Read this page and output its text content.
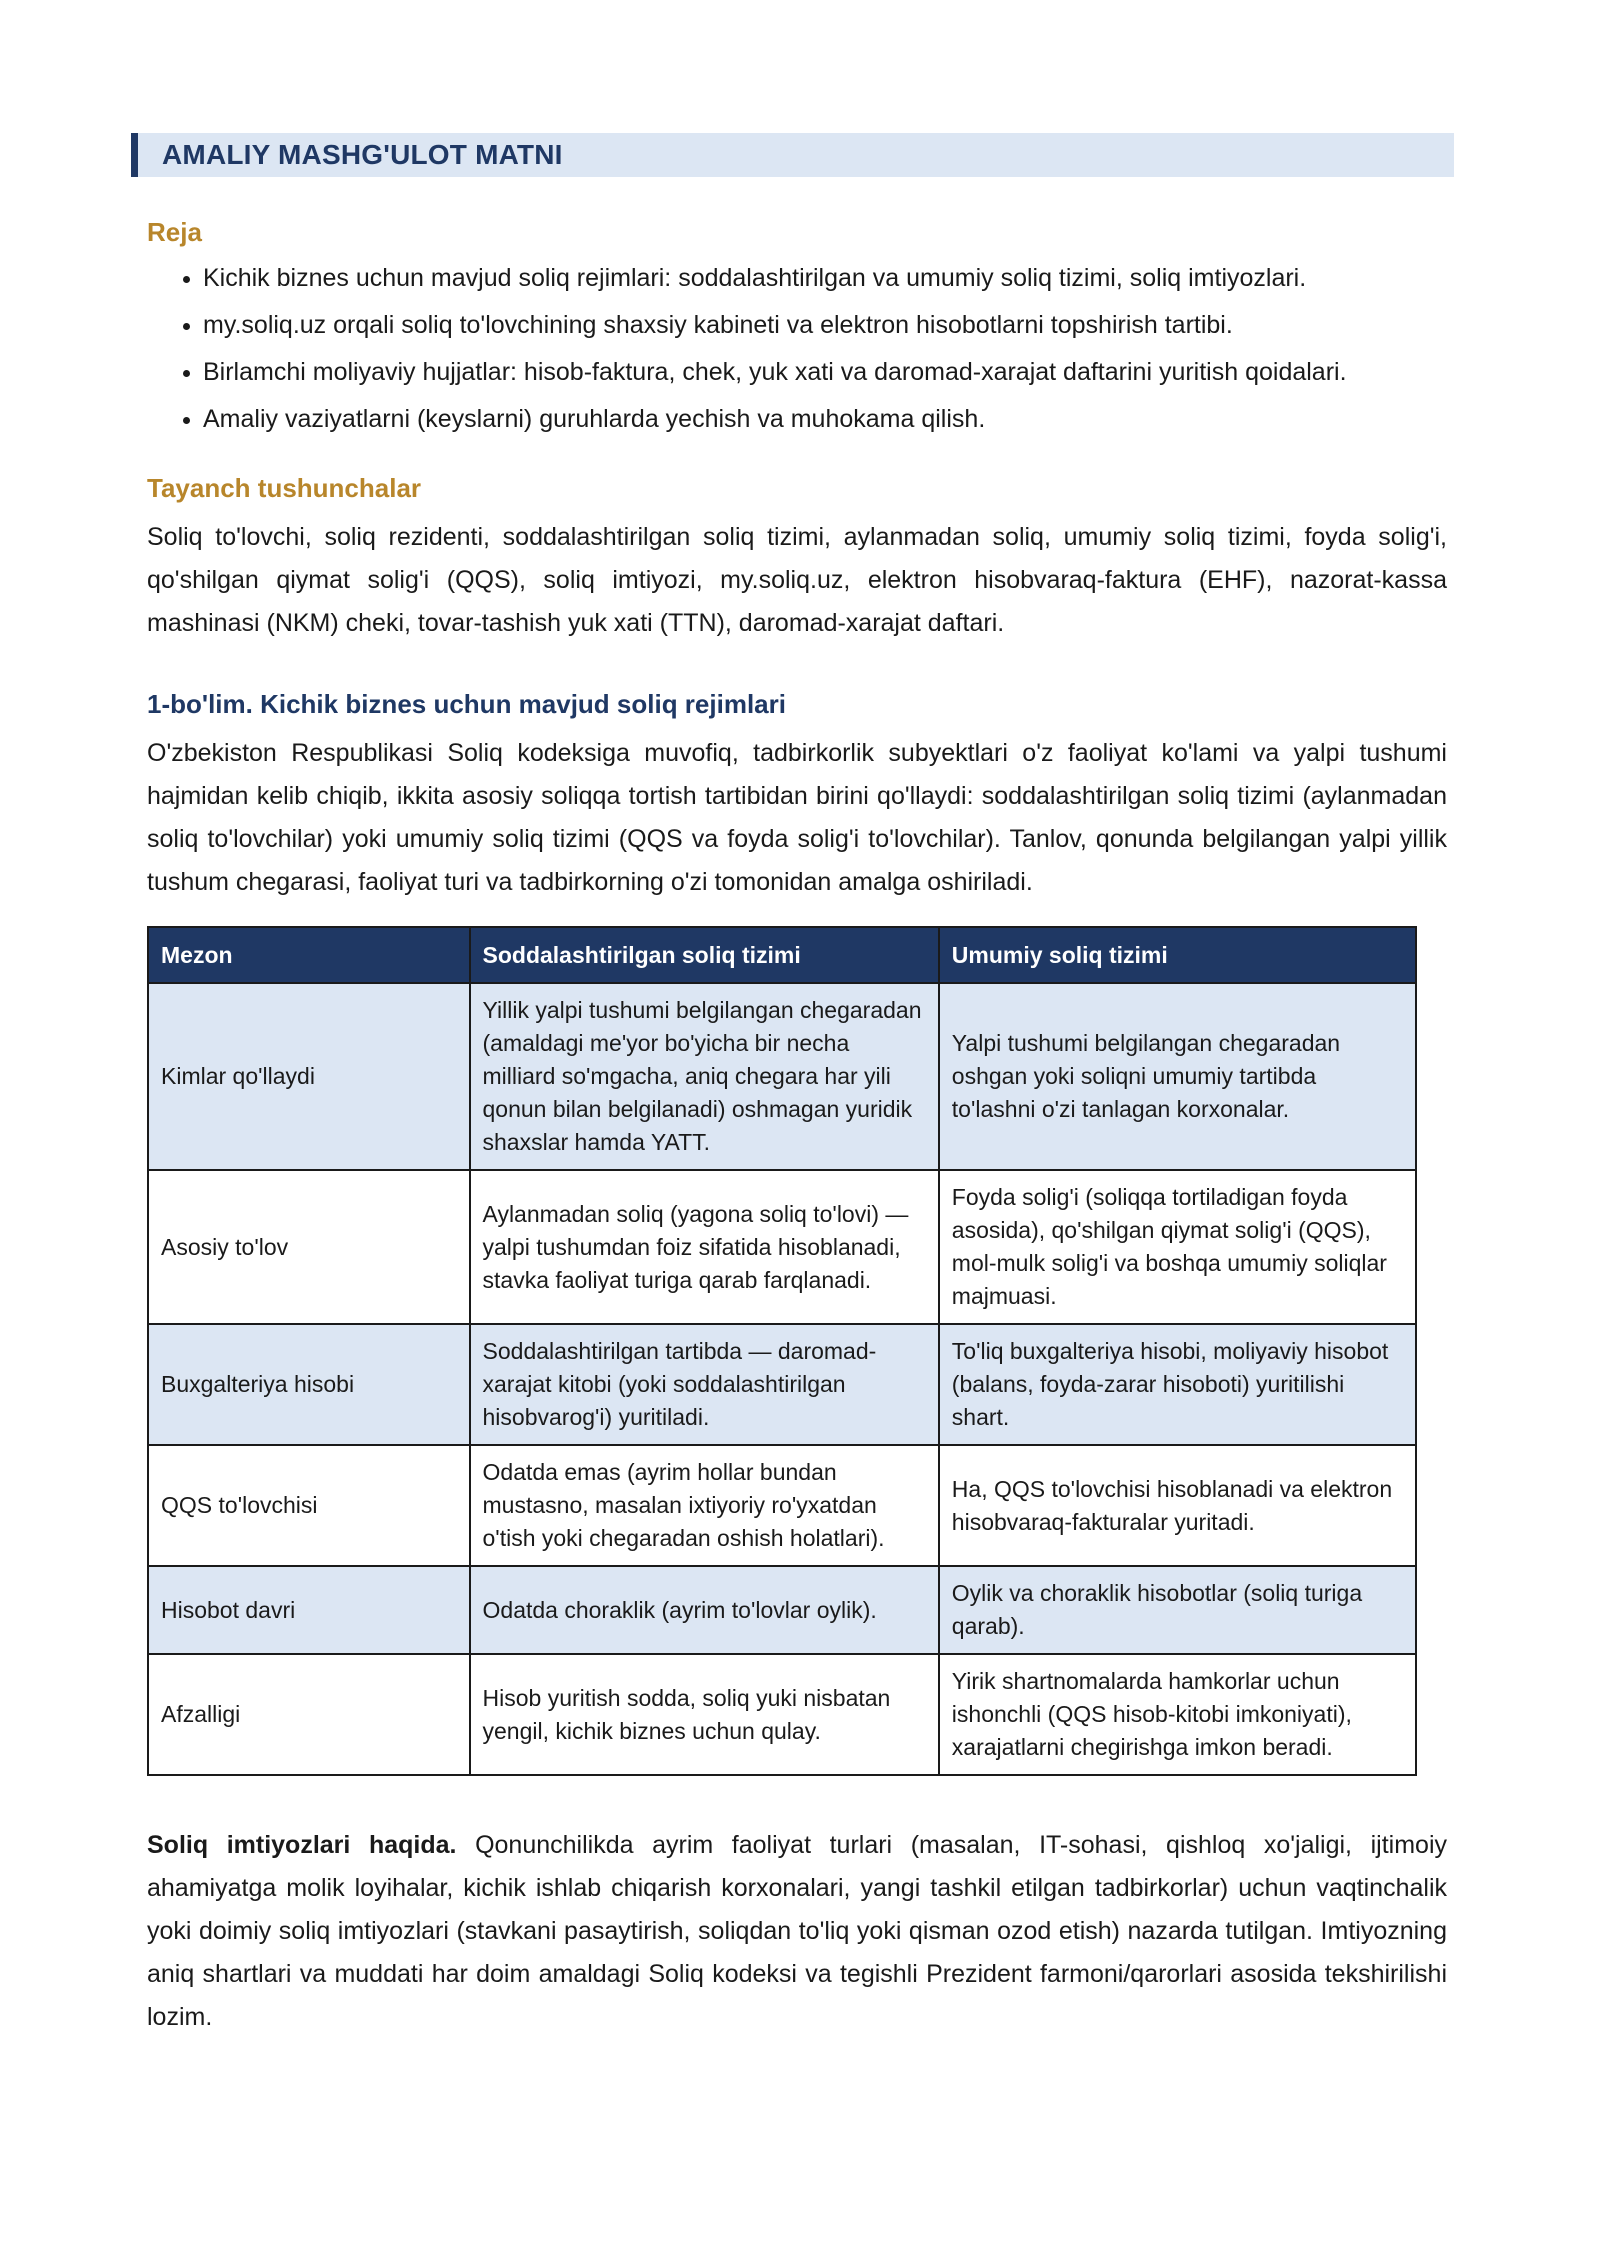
AMALIY MASHG'ULOT MATNI
Reja
• Kichik biznes uchun mavjud soliq rejimlari: soddalashtirilgan va umumiy soliq tizimi, soliq imtiyozlari.
• my.soliq.uz orqali soliq to'lovchining shaxsiy kabineti va elektron hisobotlarni topshirish tartibi.
• Birlamchi moliyaviy hujjatlar: hisob-faktura, chek, yuk xati va daromad-xarajat daftarini yuritish qoidalari.
• Amaliy vaziyatlarni (keyslarni) guruhlarda yechish va muhokama qilish.
Tayanch tushunchalar

Soliq to'lovchi, soliq rezidenti, soddalashtirilgan soliq tizimi, aylanmadan soliq, umumiy soliq tizimi, foyda solig'i, qo'shilgan qiymat solig'i (QQS), soliq imtiyozi, my.soliq.uz, elektron hisobvaraq-faktura (EHF), nazorat-kassa mashinasi (NKM) cheki, tovar-tashish yuk xati (TTN), daromad-xarajat daftari.

1-bo'lim. Kichik biznes uchun mavjud soliq rejimlari

O'zbekiston Respublikasi Soliq kodeksiga muvofiq, tadbirkorlik subyektlari o'z faoliyat ko'lami va yalpi tushumi hajmidan kelib chiqib, ikkita asosiy soliqqa tortish tartibidan birini qo'llaydi: soddalashtirilgan soliq tizimi (aylanmadan soliq to'lovchilar) yoki umumiy soliq tizimi (QQS va foyda solig'i to'lovchilar). Tanlov, qonunda belgilangan yalpi yillik tushum chegarasi, faoliyat turi va tadbirkorning o'zi tomonidan amalga oshiriladi.

Mezon	Soddalashtirilgan soliq tizimi	Umumiy soliq tizimi
Kimlar qo'llaydi	Yillik yalpi tushumi belgilangan chegaradan (amaldagi me'yor bo'yicha bir necha milliard so'mgacha, aniq chegara har yili qonun bilan belgilanadi) oshmagan yuridik shaxslar hamda YATT.	Yalpi tushumi belgilangan chegaradan oshgan yoki soliqni umumiy tartibda to'lashni o'zi tanlagan korxonalar.
Asosiy to'lov	Aylanmadan soliq (yagona soliq to'lovi) — yalpi tushumdan foiz sifatida hisoblanadi, stavka faoliyat turiga qarab farqlanadi.	Foyda solig'i (soliqqa tortiladigan foyda asosida), qo'shilgan qiymat solig'i (QQS), mol-mulk solig'i va boshqa umumiy soliqlar majmuasi.
Buxgalteriya hisobi	Soddalashtirilgan tartibda — daromad-xarajat kitobi (yoki soddalashtirilgan hisobvarog'i) yuritiladi.	To'liq buxgalteriya hisobi, moliyaviy hisobot (balans, foyda-zarar hisoboti) yuritilishi shart.
QQS to'lovchisi	Odatda emas (ayrim hollar bundan mustasno, masalan ixtiyoriy ro'yxatdan o'tish yoki chegaradan oshish holatlari).	Ha, QQS to'lovchisi hisoblanadi va elektron hisobvaraq-fakturalar yuritadi.
Hisobot davri	Odatda choraklik (ayrim to'lovlar oylik).	Oylik va choraklik hisobotlar (soliq turiga qarab).
Afzalligi	Hisob yuritish sodda, soliq yuki nisbatan yengil, kichik biznes uchun qulay.	Yirik shartnomalarda hamkorlar uchun ishonchli (QQS hisob-kitobi imkoniyati), xarajatlarni chegirishga imkon beradi.

Soliq imtiyozlari haqida. Qonunchilikda ayrim faoliyat turlari (masalan, IT-sohasi, qishloq xo'jaligi, ijtimoiy ahamiyatga molik loyihalar, kichik ishlab chiqarish korxonalari, yangi tashkil etilgan tadbirkorlar) uchun vaqtinchalik yoki doimiy soliq imtiyozlari (stavkani pasaytirish, soliqdan to'liq yoki qisman ozod etish) nazarda tutilgan. Imtiyozning aniq shartlari va muddati har doim amaldagi Soliq kodeksi va tegishli Prezident farmoni/qarorlari asosida tekshirilishi lozim.
